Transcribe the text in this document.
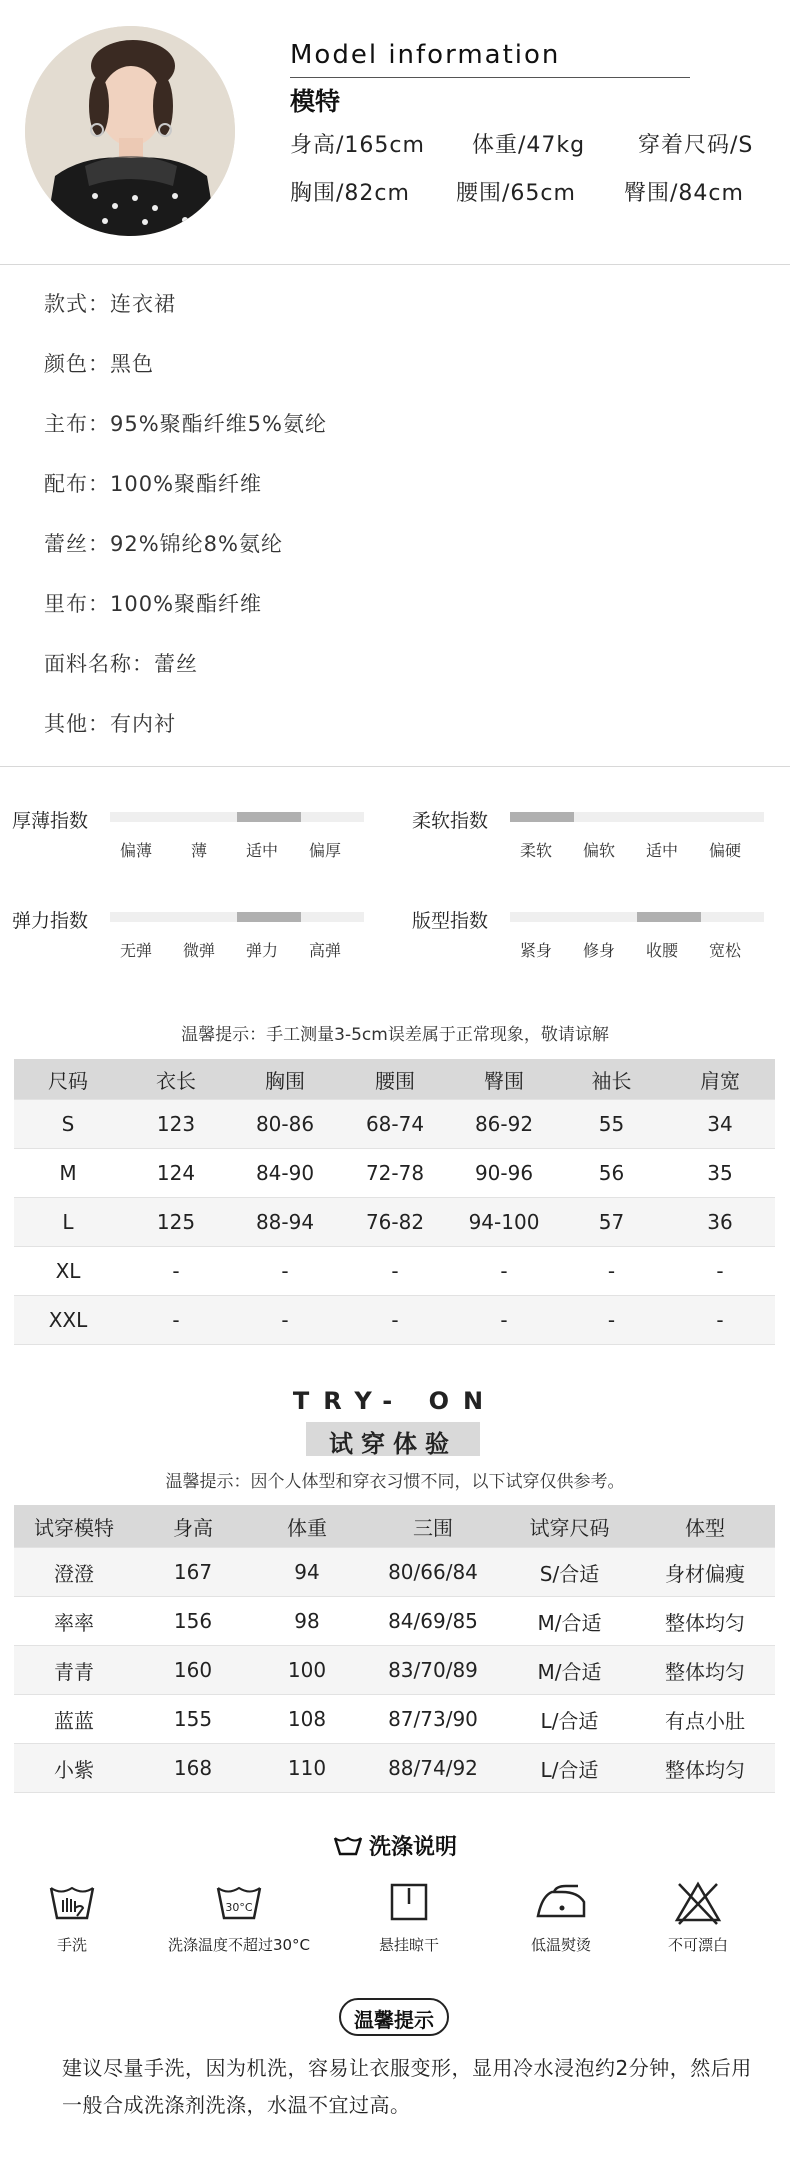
Model information
模特
身高/165cm 体重/47kg 穿着尺码/S
胸围/82cm 腰围/65cm 臀围/84cm
款式：连衣裙
颜色：黑色
主布：95%聚酯纤维5%氨纶
配布：100%聚酯纤维
蕾丝：92%锦纶8%氨纶
里布：100%聚酯纤维
面料名称：蕾丝
其他：有内衬
厚薄指数
偏薄	薄	适中	偏厚
柔软指数
柔软	偏软	适中	偏硬
弹力指数
无弹	微弹	弹力	高弹
版型指数
紧身	修身	收腰	宽松
温馨提示：手工测量3-5cm误差属于正常现象，敬请谅解
尺码	衣长	胸围	腰围	臀围	袖长	肩宽
S	123	80-86	68-74	86-92	55	34
M	124	84-90	72-78	90-96	56	35
L	125	88-94	76-82	94-100	57	36
XL	-	-	-	-	-	-
XXL	-	-	-	-	-	-
TRY- ON
试穿体验
温馨提示：因个人体型和穿衣习惯不同，以下试穿仅供参考。
试穿模特	身高	体重	三围	试穿尺码	体型
澄澄	167	94	80/66/84	S/合适	身材偏瘦
率率	156	98	84/69/85	M/合适	整体均匀
青青	160	100	83/70/89	M/合适	整体均匀
蓝蓝	155	108	87/73/90	L/合适	有点小肚
小紫	168	110	88/74/92	L/合适	整体均匀
洗涤说明
30°C
手洗	洗涤温度不超过30°C	悬挂晾干	低温熨烫	不可漂白
温馨提示
建议尽量手洗，因为机洗，容易让衣服变形，显用冷水浸泡约2分钟，然后用一般合成洗涤剂洗涤，水温不宜过高。
